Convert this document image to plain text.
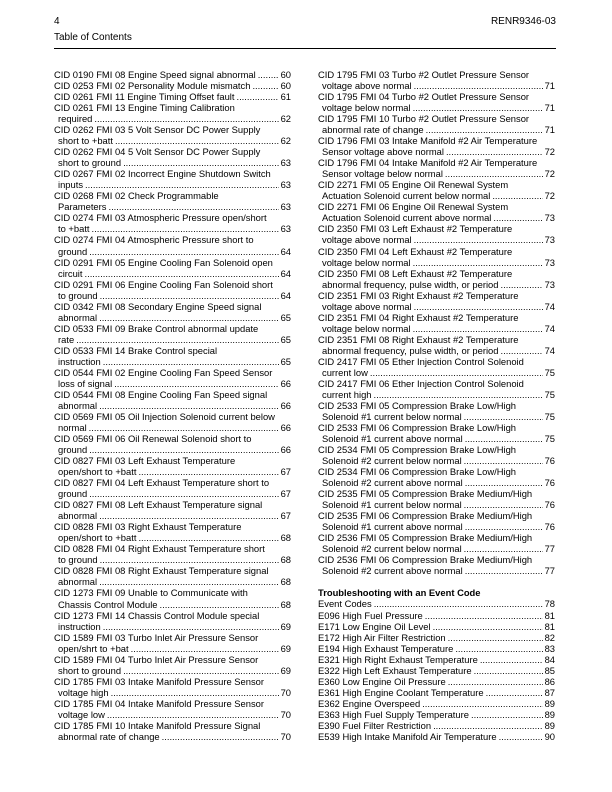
4
Table of Contents
RENR9346-03
CID 0190 FMI 08 Engine Speed signal abnormal .....	60
CID 0253 FMI 02 Personality Module mismatch .....	60
CID 0261 FMI 11 Engine Timing Offset fault .....	61
CID 0261 FMI 13 Engine Timing Calibration
required .....	62
CID 0262 FMI 03 5 Volt Sensor DC Power Supply
short to +batt .....	62
CID 0262 FMI 04 5 Volt Sensor DC Power Supply
short to ground .....	63
CID 0267 FMI 02 Incorrect Engine Shutdown Switch
inputs .....	63
CID 0268 FMI 02 Check Programmable
Parameters .....	63
CID 0274 FMI 03 Atmospheric Pressure open/short
to +batt .....	63
CID 0274 FMI 04 Atmospheric Pressure short to
ground .....	64
CID 0291 FMI 05 Engine Cooling Fan Solenoid open
circuit .....	64
CID 0291 FMI 06 Engine Cooling Fan Solenoid short
to ground .....	64
CID 0342 FMI 08 Secondary Engine Speed signal
abnormal .....	65
CID 0533 FMI 09 Brake Control abnormal update
rate .....	65
CID 0533 FMI 14 Brake Control special
instruction .....	65
CID 0544 FMI 02 Engine Cooling Fan Speed Sensor
loss of signal .....	66
CID 0544 FMI 08 Engine Cooling Fan Speed signal
abnormal .....	66
CID 0569 FMI 05 Oil Injection Solenoid current below
normal .....	66
CID 0569 FMI 06 Oil Renewal Solenoid short to
ground .....	66
CID 0827 FMI 03 Left Exhaust Temperature
open/short to +batt .....	67
CID 0827 FMI 04 Left Exhaust Temperature short to
ground .....	67
CID 0827 FMI 08 Left Exhaust Temperature signal
abnormal .....	67
CID 0828 FMI 03 Right Exhaust Temperature
open/short to +batt .....	68
CID 0828 FMI 04 Right Exhaust Temperature short
to ground .....	68
CID 0828 FMI 08 Right Exhaust Temperature signal
abnormal .....	68
CID 1273 FMI 09 Unable to Communicate with
Chassis Control Module .....	68
CID 1273 FMI 14 Chassis Control Module special
instruction .....	69
CID 1589 FMI 03 Turbo Inlet Air Pressure Sensor
open/shrt to +bat .....	69
CID 1589 FMI 04 Turbo Inlet Air Pressure Sensor
short to ground .....	69
CID 1785 FMI 03 Intake Manifold Pressure Sensor
voltage high .....	70
CID 1785 FMI 04 Intake Manifold Pressure Sensor
voltage low .....	70
CID 1785 FMI 10 Intake Manifold Pressure Signal
abnormal rate of change .....	70
CID 1795 FMI 03 Turbo #2 Outlet Pressure Sensor
voltage above normal .....	71
CID 1795 FMI 04 Turbo #2 Outlet Pressure Sensor
voltage below normal .....	71
CID 1795 FMI 10 Turbo #2 Outlet Pressure Sensor
abnormal rate of change .....	71
CID 1796 FMI 03 Intake Manifold #2 Air Temperature
Sensor voltage above normal .....	72
CID 1796 FMI 04 Intake Manifold #2 Air Temperature
Sensor voltage below normal .....	72
CID 2271 FMI 05 Engine Oil Renewal System
Actuation Solenoid current below normal .....	72
CID 2271 FMI 06 Engine Oil Renewal System
Actuation Solenoid current above normal .....	73
CID 2350 FMI 03 Left Exhaust #2 Temperature
voltage above normal .....	73
CID 2350 FMI 04 Left Exhaust #2 Temperature
voltage below normal .....	73
CID 2350 FMI 08 Left Exhaust #2 Temperature
abnormal frequency, pulse width, or period .....	73
CID 2351 FMI 03 Right Exhaust #2 Temperature
voltage above normal .....	74
CID 2351 FMI 04 Right Exhaust #2 Temperature
voltage below normal .....	74
CID 2351 FMI 08 Right Exhaust #2 Temperature
abnormal frequency, pulse width, or period .....	74
CID 2417 FMI 05 Ether Injection Control Solenoid
current low .....	75
CID 2417 FMI 06 Ether Injection Control Solenoid
current high .....	75
CID 2533 FMI 05 Compression Brake Low/High
Solenoid #1 current below normal .....	75
CID 2533 FMI 06 Compression Brake Low/High
Solenoid #1 current above normal .....	75
CID 2534 FMI 05 Compression Brake Low/High
Solenoid #2 current below normal .....	76
CID 2534 FMI 06 Compression Brake Low/High
Solenoid #2 current above normal .....	76
CID 2535 FMI 05 Compression Brake Medium/High
Solenoid #1 current below normal .....	76
CID 2535 FMI 06 Compression Brake Medium/High
Solenoid #1 current above normal .....	76
CID 2536 FMI 05 Compression Brake Medium/High
Solenoid #2 current below normal .....	77
CID 2536 FMI 06 Compression Brake Medium/High
Solenoid #2 current above normal .....	77
Troubleshooting with an Event Code
Event Codes .....	78
E096 High Fuel Pressure .....	81
E171 Low Engine Oil Level .....	81
E172 High Air Filter Restriction .....	82
E194 High Exhaust Temperature .....	83
E321 High Right Exhaust Temperature .....	84
E322 High Left Exhaust Temperature .....	85
E360 Low Engine Oil Pressure .....	86
E361 High Engine Coolant Temperature .....	87
E362 Engine Overspeed .....	89
E363 High Fuel Supply Temperature .....	89
E390 Fuel Filter Restriction .....	89
E539 High Intake Manifold Air Temperature .....	90
